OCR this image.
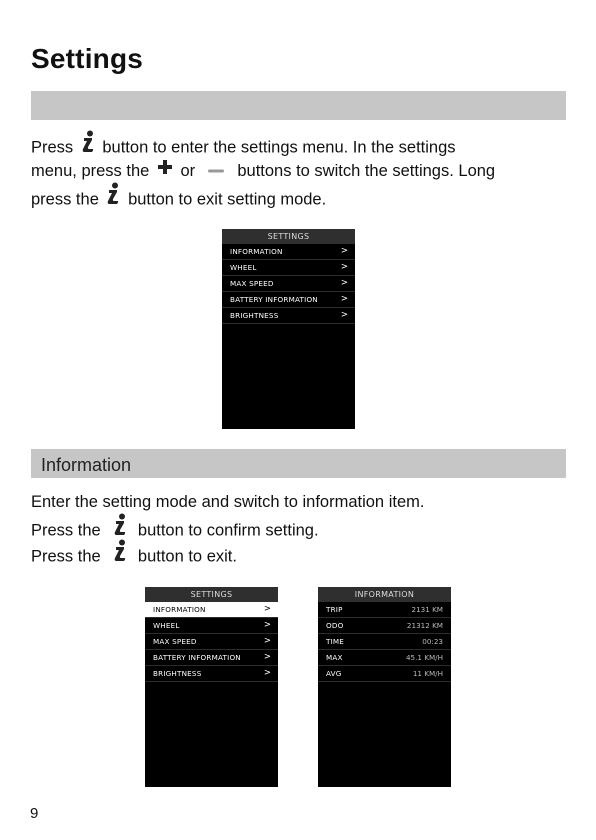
Settings
Press button to enter the settings menu. In the settings
menu, press the or	buttons to switch the settings. Long
press the button to exit setting mode.
SETTINGS
INFORMATION	>
WHEEL	>
MAX SPEED	>
BATTERY INFORMATION	>
BRIGHTNESS	>
Information
Enter the setting mode and switch to information item.
Press the button to confirm setting.
Press the button to exit.
SETTINGS
INFORMATION	>
WHEEL	>
MAX SPEED	>
BATTERY INFORMATION	>
BRIGHTNESS	>
INFORMATION
TRIP	2131 KM
ODO	21312 KM
TIME	00:23
MAX	45.1 KM/H
AVG	11 KM/H
9
